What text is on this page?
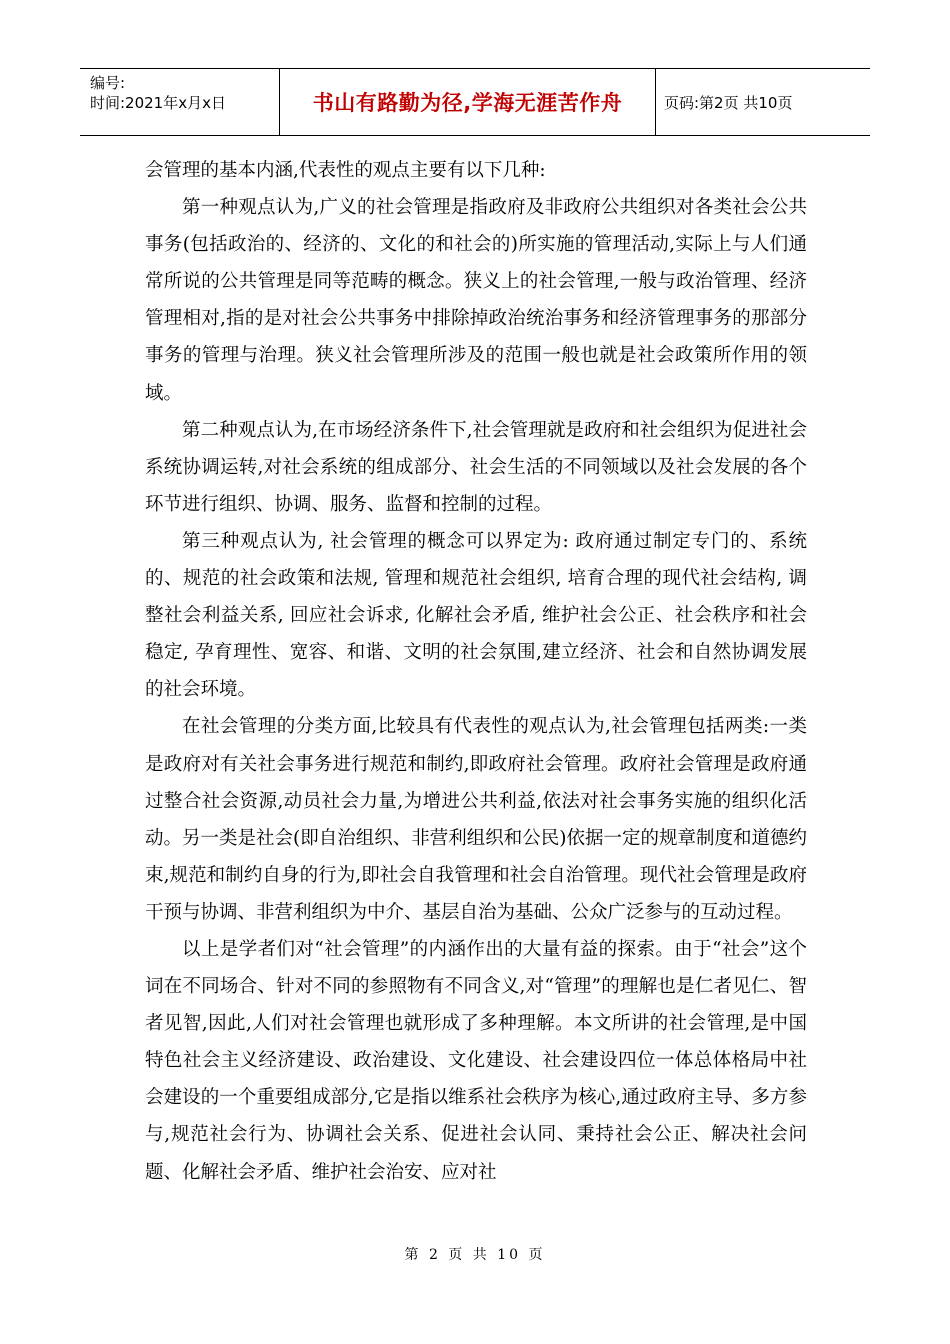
编号:
时间:2021年x月x日	书山有路勤为径,学海无涯苦作舟	页码:第2页 共10页

会管理的基本内涵,代表性的观点主要有以下几种:

第一种观点认为,广义的社会管理是指政府及非政府公共组织对各类社会公共事务(包括政治的、经济的、文化的和社会的)所实施的管理活动,实际上与人们通常所说的公共管理是同等范畴的概念。狭义上的社会管理,一般与政治管理、经济管理相对,指的是对社会公共事务中排除掉政治统治事务和经济管理事务的那部分事务的管理与治理。狭义社会管理所涉及的范围一般也就是社会政策所作用的领域。

第二种观点认为,在市场经济条件下,社会管理就是政府和社会组织为促进社会系统协调运转,对社会系统的组成部分、社会生活的不同领域以及社会发展的各个环节进行组织、协调、服务、监督和控制的过程。

第三种观点认为, 社会管理的概念可以界定为: 政府通过制定专门的、系统的、规范的社会政策和法规, 管理和规范社会组织, 培育合理的现代社会结构, 调整社会利益关系, 回应社会诉求, 化解社会矛盾, 维护社会公正、社会秩序和社会稳定, 孕育理性、宽容、和谐、文明的社会氛围,建立经济、社会和自然协调发展的社会环境。

在社会管理的分类方面,比较具有代表性的观点认为,社会管理包括两类:一类是政府对有关社会事务进行规范和制约,即政府社会管理。政府社会管理是政府通过整合社会资源,动员社会力量,为增进公共利益,依法对社会事务实施的组织化活动。另一类是社会(即自治组织、非营利组织和公民)依据一定的规章制度和道德约束,规范和制约自身的行为,即社会自我管理和社会自治管理。现代社会管理是政府干预与协调、非营利组织为中介、基层自治为基础、公众广泛参与的互动过程。

以上是学者们对“社会管理”的内涵作出的大量有益的探索。由于“社会”这个词在不同场合、针对不同的参照物有不同含义,对“管理”的理解也是仁者见仁、智者见智,因此,人们对社会管理也就形成了多种理解。本文所讲的社会管理,是中国特色社会主义经济建设、政治建设、文化建设、社会建设四位一体总体格局中社会建设的一个重要组成部分,它是指以维系社会秩序为核心,通过政府主导、多方参与,规范社会行为、协调社会关系、促进社会认同、秉持社会公正、解决社会问题、化解社会矛盾、维护社会治安、应对社

第 2 页 共 10 页
